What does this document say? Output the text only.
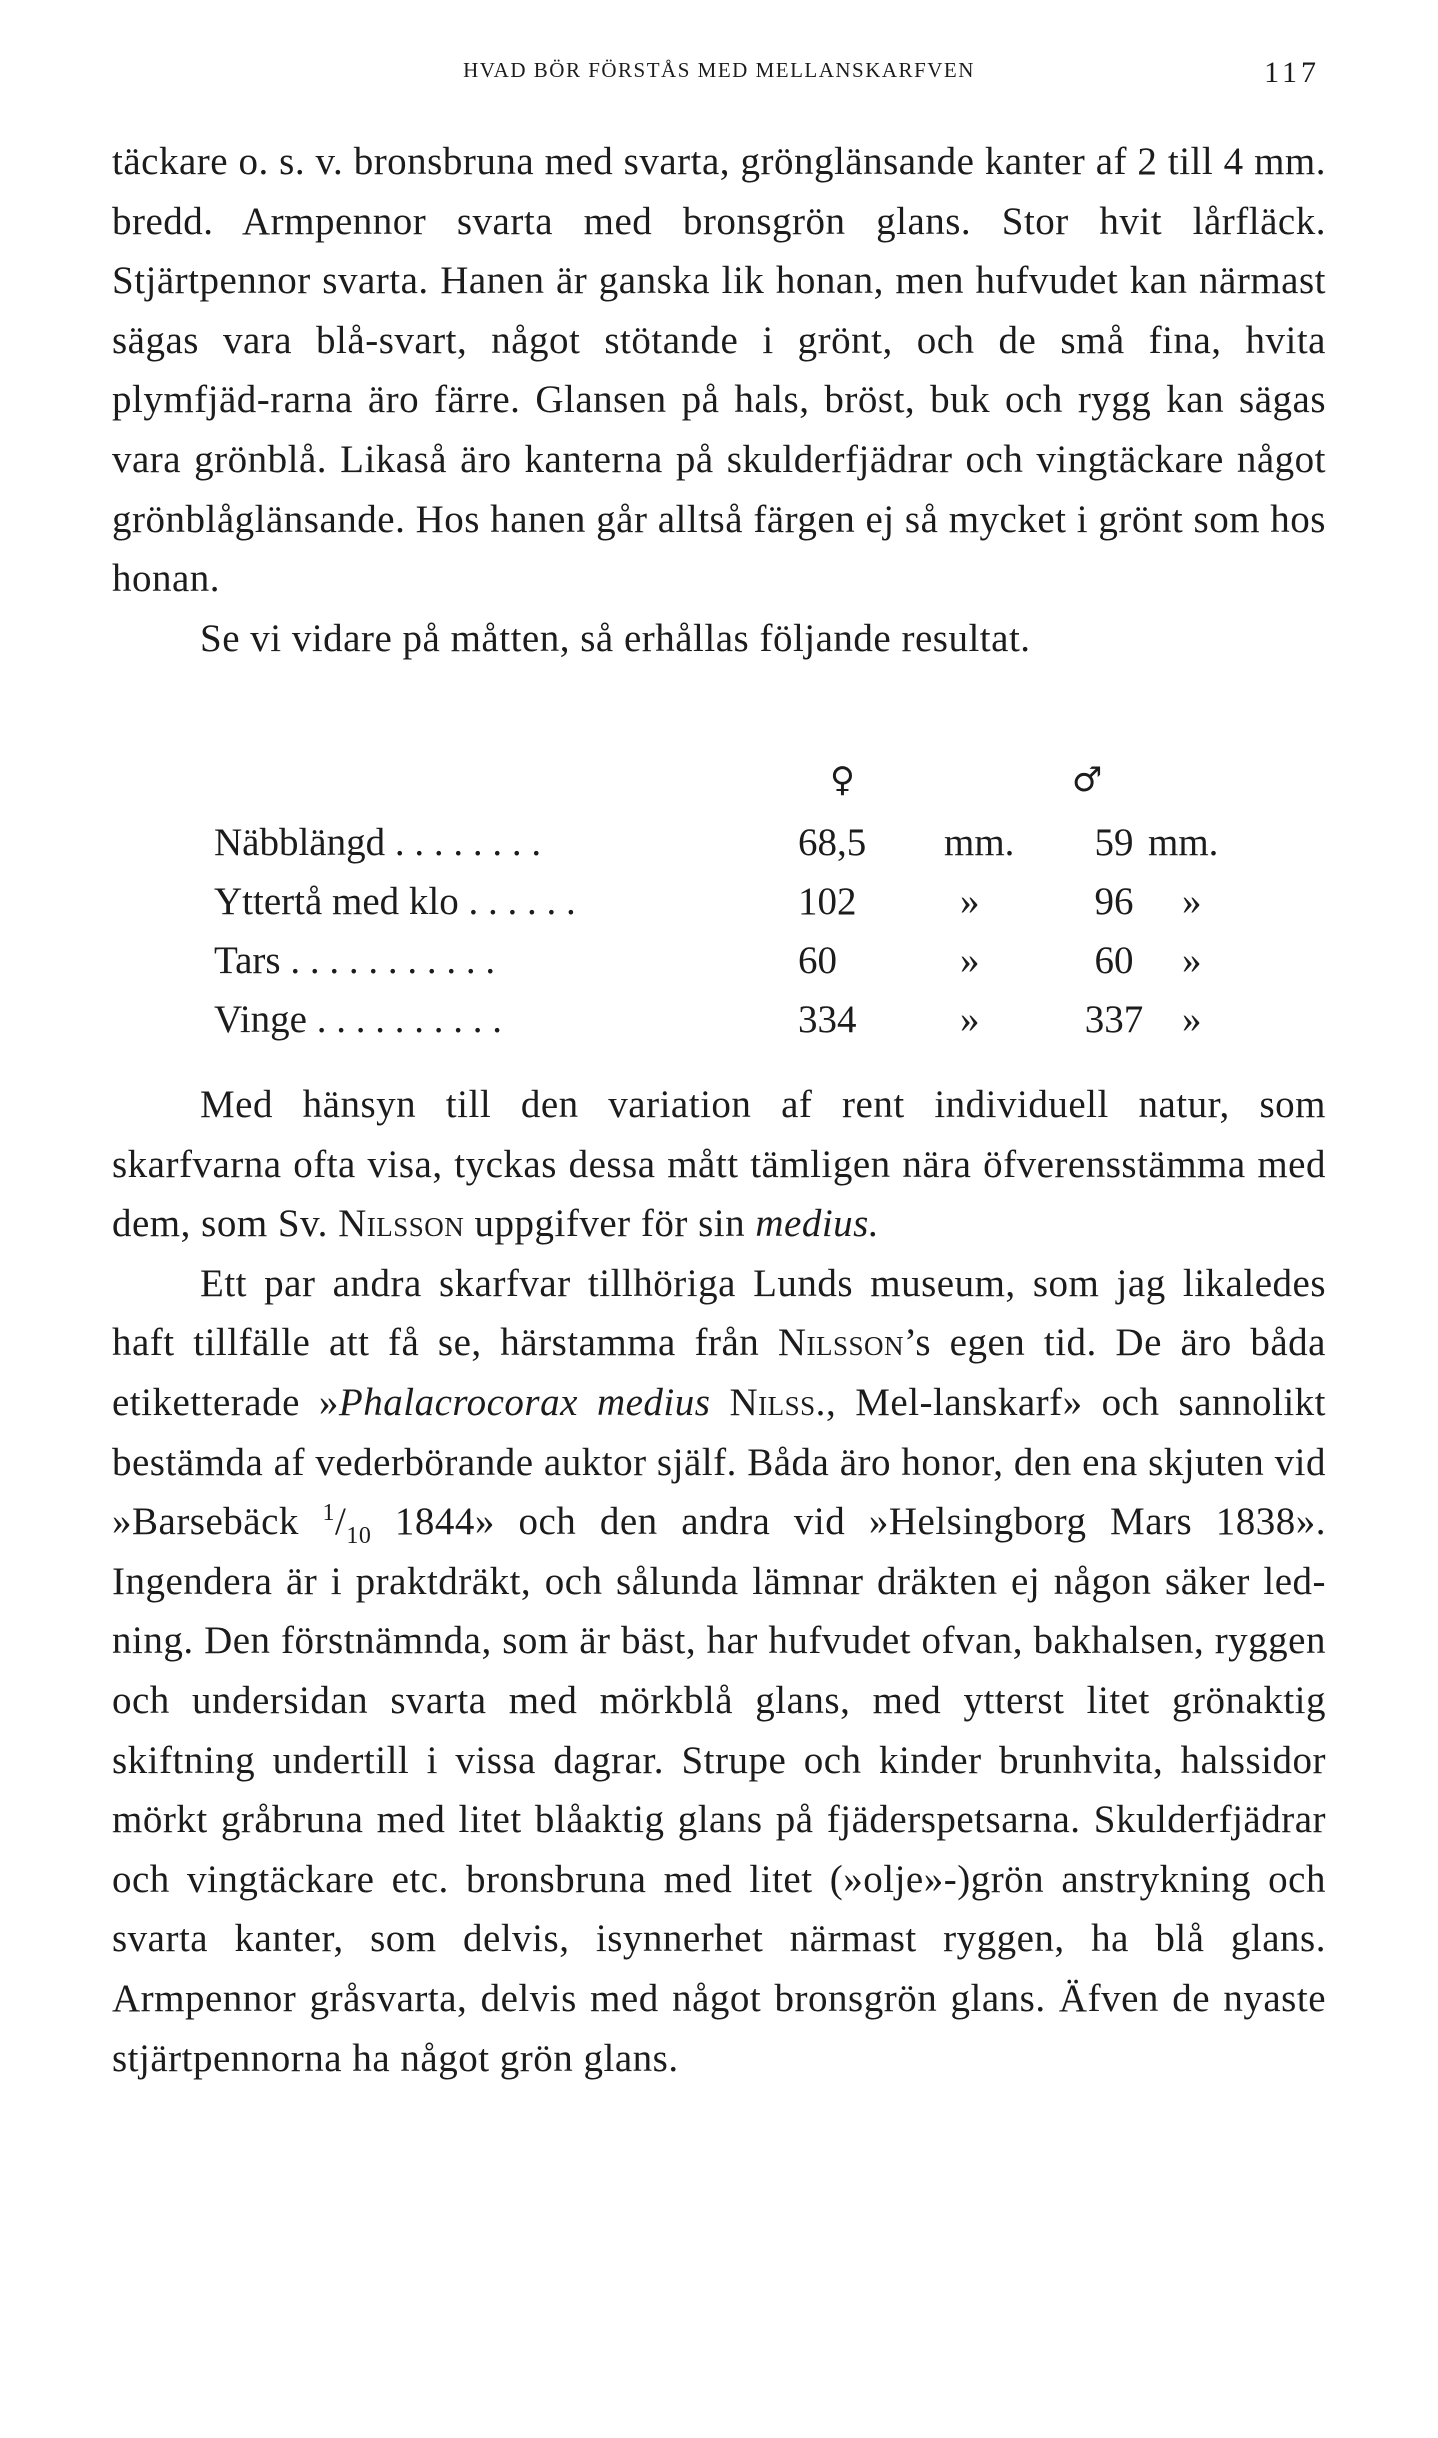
HVAD BÖR FÖRSTÅS MED MELLANSKARFVEN	117

täckare o. s. v. bronsbruna med svarta, grönglänsande kanter af 2 till 4 mm. bredd. Armpennor svarta med bronsgrön glans. Stor hvit lårfläck. Stjärtpennor svarta. Hanen är ganska lik honan, men hufvudet kan närmast sägas vara blå-svart, något stötande i grönt, och de små fina, hvita plymfjäd-rarna äro färre. Glansen på hals, bröst, buk och rygg kan sägas vara grönblå. Likaså äro kanterna på skulderfjädrar och vingtäckare något grönblåglänsande. Hos hanen går alltså färgen ej så mycket i grönt som hos honan.

Se vi vidare på måtten, så erhållas följande resultat.

♀	♂
Näbblängd . . . . . . . .	68,5	mm.	59 mm.
Yttertå med klo . . . . . .	102	»	96	»
Tars . . . . . . . . . . .	60	»	60	»
Vinge . . . . . . . . . .	334	»	337 »

Med hänsyn till den variation af rent individuell natur, som skarfvarna ofta visa, tyckas dessa mått tämligen nära öfverensstämma med dem, som Sv. Nilsson uppgifver för sin medius.

Ett par andra skarfvar tillhöriga Lunds museum, som jag likaledes haft tillfälle att få se, härstamma från Nilsson’s egen tid. De äro båda etiketterade »Phalacrocorax medius Nilss., Mel-lanskarf» och sannolikt bestämda af vederbörande auktor själf. Båda äro honor, den ena skjuten vid »Barsebäck $^1/_{10}$ 1844» och den andra vid »Helsingborg Mars 1838». Ingendera är i praktdräkt, och sålunda lämnar dräkten ej någon säker led-ning. Den förstnämnda, som är bäst, har hufvudet ofvan, bakhalsen, ryggen och undersidan svarta med mörkblå glans, med ytterst litet grönaktig skiftning undertill i vissa dagrar. Strupe och kinder brunhvita, halssidor mörkt gråbruna med litet blåaktig glans på fjäderspetsarna. Skulderfjädrar och vingtäckare etc. bronsbruna med litet (»olje»-)grön anstrykning och svarta kanter, som delvis, isynnerhet närmast ryggen, ha blå glans. Armpennor gråsvarta, delvis med något bronsgrön glans. Äfven de nyaste stjärtpennorna ha något grön glans.
